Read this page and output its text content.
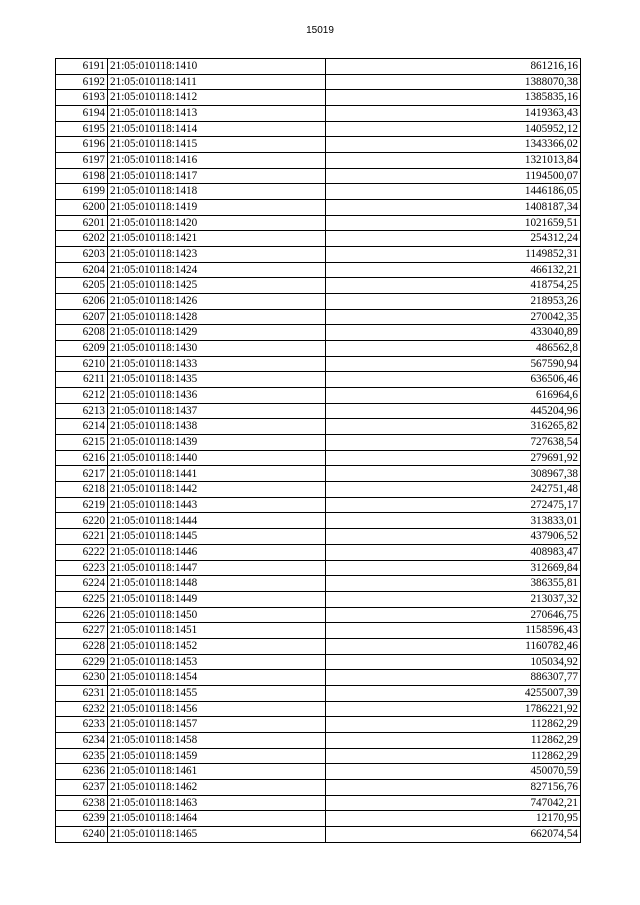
15019
6191	21:05:010118:1410	861216,16
6192	21:05:010118:1411	1388070,38
6193	21:05:010118:1412	1385835,16
6194	21:05:010118:1413	1419363,43
6195	21:05:010118:1414	1405952,12
6196	21:05:010118:1415	1343366,02
6197	21:05:010118:1416	1321013,84
6198	21:05:010118:1417	1194500,07
6199	21:05:010118:1418	1446186,05
6200	21:05:010118:1419	1408187,34
6201	21:05:010118:1420	1021659,51
6202	21:05:010118:1421	254312,24
6203	21:05:010118:1423	1149852,31
6204	21:05:010118:1424	466132,21
6205	21:05:010118:1425	418754,25
6206	21:05:010118:1426	218953,26
6207	21:05:010118:1428	270042,35
6208	21:05:010118:1429	433040,89
6209	21:05:010118:1430	486562,8
6210	21:05:010118:1433	567590,94
6211	21:05:010118:1435	636506,46
6212	21:05:010118:1436	616964,6
6213	21:05:010118:1437	445204,96
6214	21:05:010118:1438	316265,82
6215	21:05:010118:1439	727638,54
6216	21:05:010118:1440	279691,92
6217	21:05:010118:1441	308967,38
6218	21:05:010118:1442	242751,48
6219	21:05:010118:1443	272475,17
6220	21:05:010118:1444	313833,01
6221	21:05:010118:1445	437906,52
6222	21:05:010118:1446	408983,47
6223	21:05:010118:1447	312669,84
6224	21:05:010118:1448	386355,81
6225	21:05:010118:1449	213037,32
6226	21:05:010118:1450	270646,75
6227	21:05:010118:1451	1158596,43
6228	21:05:010118:1452	1160782,46
6229	21:05:010118:1453	105034,92
6230	21:05:010118:1454	886307,77
6231	21:05:010118:1455	4255007,39
6232	21:05:010118:1456	1786221,92
6233	21:05:010118:1457	112862,29
6234	21:05:010118:1458	112862,29
6235	21:05:010118:1459	112862,29
6236	21:05:010118:1461	450070,59
6237	21:05:010118:1462	827156,76
6238	21:05:010118:1463	747042,21
6239	21:05:010118:1464	12170,95
6240	21:05:010118:1465	662074,54
